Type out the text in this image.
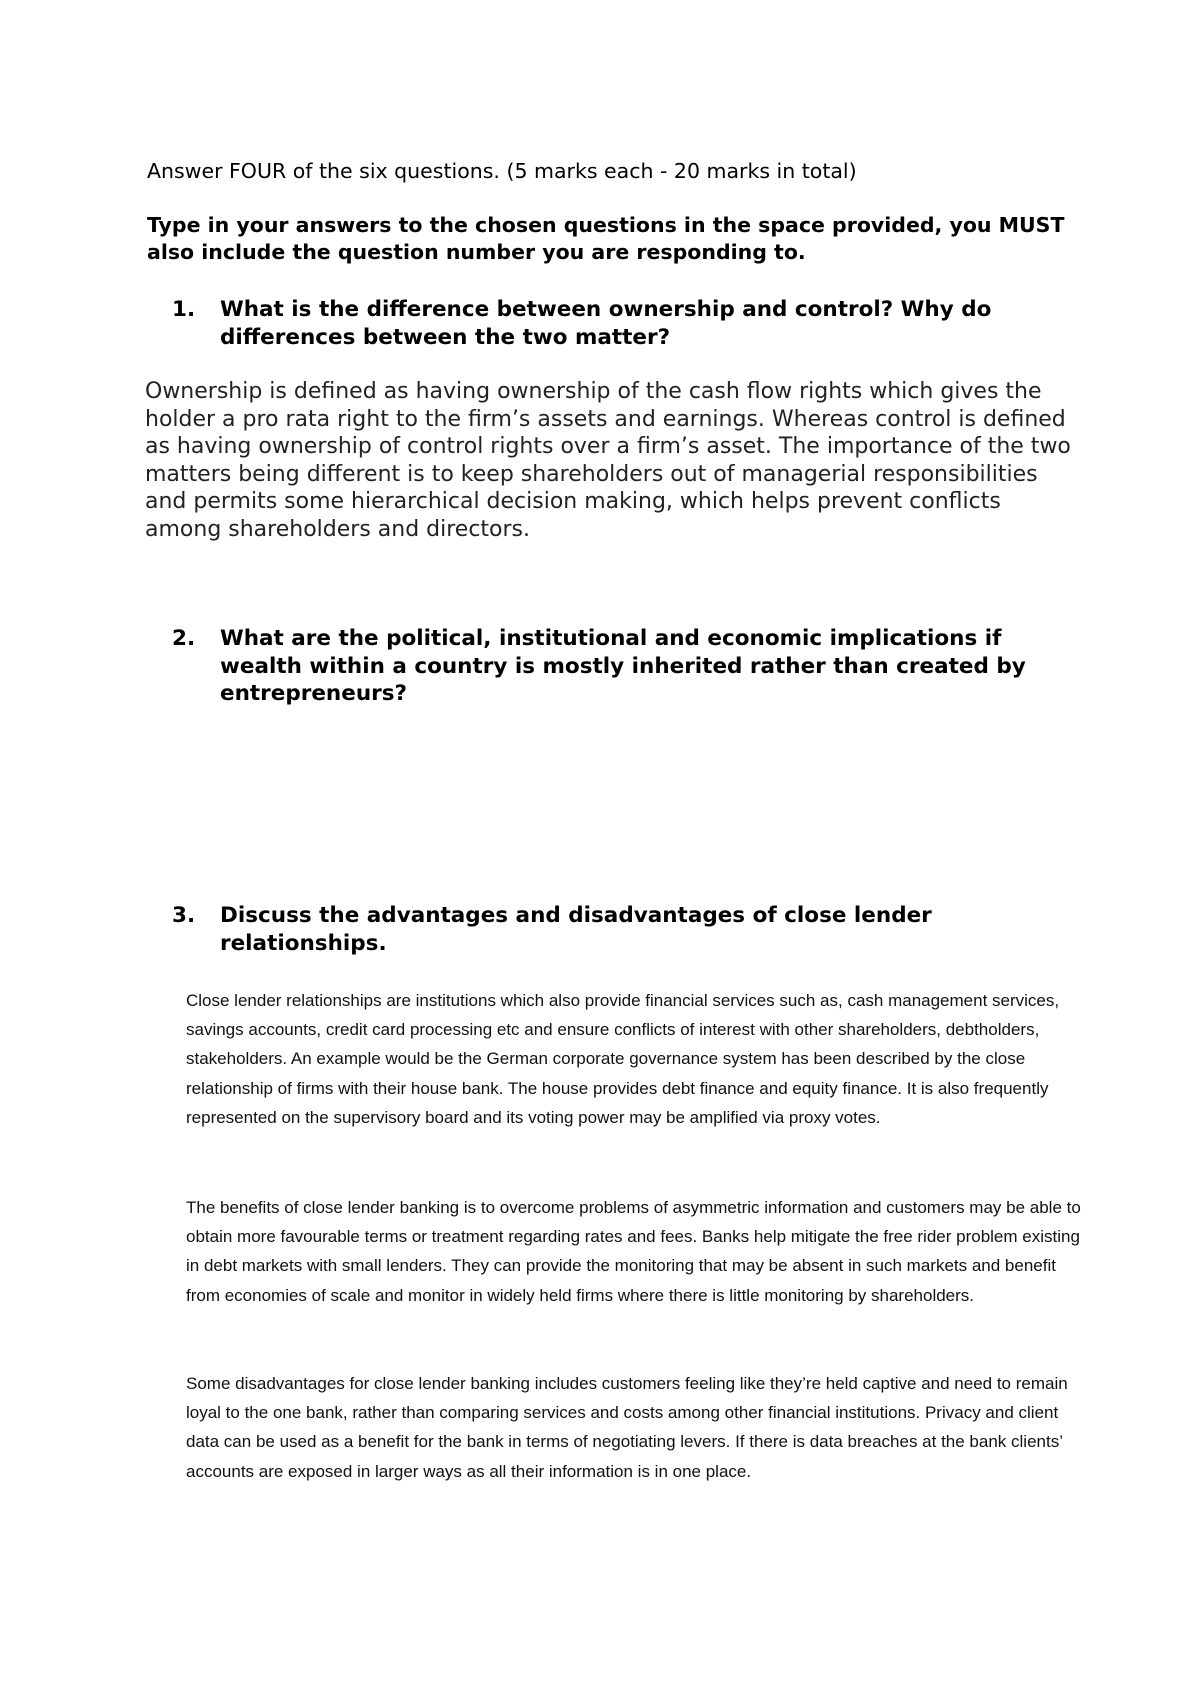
Answer FOUR of the six questions. (5 marks each - 20 marks in total)

Type in your answers to the chosen questions in the space provided, you MUST also include the question number you are responding to.

1. What is the difference between ownership and control? Why do differences between the two matter?

Ownership is defined as having ownership of the cash flow rights which gives the holder a pro rata right to the firm’s assets and earnings. Whereas control is defined as having ownership of control rights over a firm’s asset. The importance of the two matters being different is to keep shareholders out of managerial responsibilities and permits some hierarchical decision making, which helps prevent conflicts among shareholders and directors.

2. What are the political, institutional and economic implications if wealth within a country is mostly inherited rather than created by entrepreneurs?
3. Discuss the advantages and disadvantages of close lender relationships.

Close lender relationships are institutions which also provide financial services such as, cash management services, savings accounts, credit card processing etc and ensure conflicts of interest with other shareholders, debtholders, stakeholders. An example would be the German corporate governance system has been described by the close relationship of firms with their house bank. The house provides debt finance and equity finance. It is also frequently represented on the supervisory board and its voting power may be amplified via proxy votes.

The benefits of close lender banking is to overcome problems of asymmetric information and customers may be able to obtain more favourable terms or treatment regarding rates and fees. Banks help mitigate the free rider problem existing in debt markets with small lenders. They can provide the monitoring that may be absent in such markets and benefit from economies of scale and monitor in widely held firms where there is little monitoring by shareholders.

Some disadvantages for close lender banking includes customers feeling like they’re held captive and need to remain loyal to the one bank, rather than comparing services and costs among other financial institutions. Privacy and client data can be used as a benefit for the bank in terms of negotiating levers. If there is data breaches at the bank clients’ accounts are exposed in larger ways as all their information is in one place.
